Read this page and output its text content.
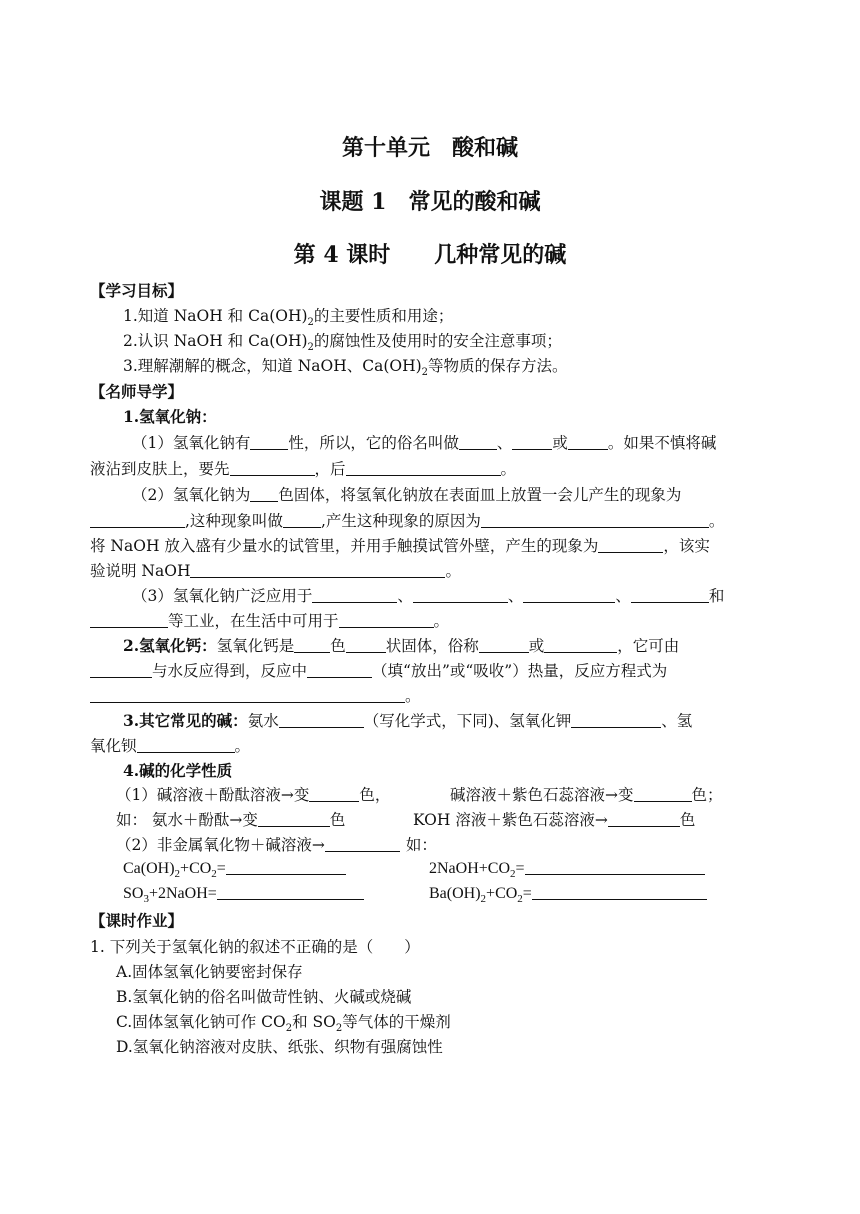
第十单元　酸和碱
课题 1　常见的酸和碱
第 4 课时　　几种常见的碱
【学习目标】
1.知道 NaOH 和 $Ca(OH)_2$的主要性质和用途；
2.认识 NaOH 和 $Ca(OH)_2$的腐蚀性及使用时的安全注意事项；
3.理解潮解的概念，知道 NaOH、$Ca(OH)_2$等物质的保存方法。
【名师导学】
1.氢氧化钠：
（1）氢氧化钠有 性，所以，它的俗名叫做 、	或	。如果不慎将碱
液沾到皮肤上，要先	，后	。
（2）氢氧化钠为 色固体，将氢氧化钠放在表面皿上放置一会儿产生的现象为
,这种现象叫做 ,产生这种现象的原因为	。
将 NaOH 放入盛有少量水的试管里，并用手触摸试管外壁，产生的现象为	，该实
验说明 NaOH	。
（3）氢氧化钠广泛应用于	、	、	、	和
等工业，在生活中可用于	。
2.氢氧化钙：氢氧化钙是 色	状固体，俗称	或	，它可由
与水反应得到，反应中	（填“放出”或“吸收”）热量，反应方程式为
。
3.其它常见的碱：氨水	（写化学式，下同)、氢氧化钾	、氢
氧化钡	。
4.碱的化学性质
（1）碱溶液＋酚酞溶液→变	色，	碱溶液＋紫色石蕊溶液→变	色；
如： 氨水＋酚酞→变	色	KOH 溶液＋紫色石蕊溶液→	色
（2）非金属氧化物＋碱溶液→	如：
$Ca(OH)_2+CO_2=$	$2NaOH+CO_2=$
$SO_3+2NaOH=$	$Ba(OH)_2+CO_2=$
【课时作业】
1. 下列关于氢氧化钠的叙述不正确的是（　　）
A.固体氢氧化钠要密封保存
B.氢氧化钠的俗名叫做苛性钠、火碱或烧碱
C.固体氢氧化钠可作 $CO_2$和 $SO_2$等气体的干燥剂
D.氢氧化钠溶液对皮肤、纸张、织物有强腐蚀性
